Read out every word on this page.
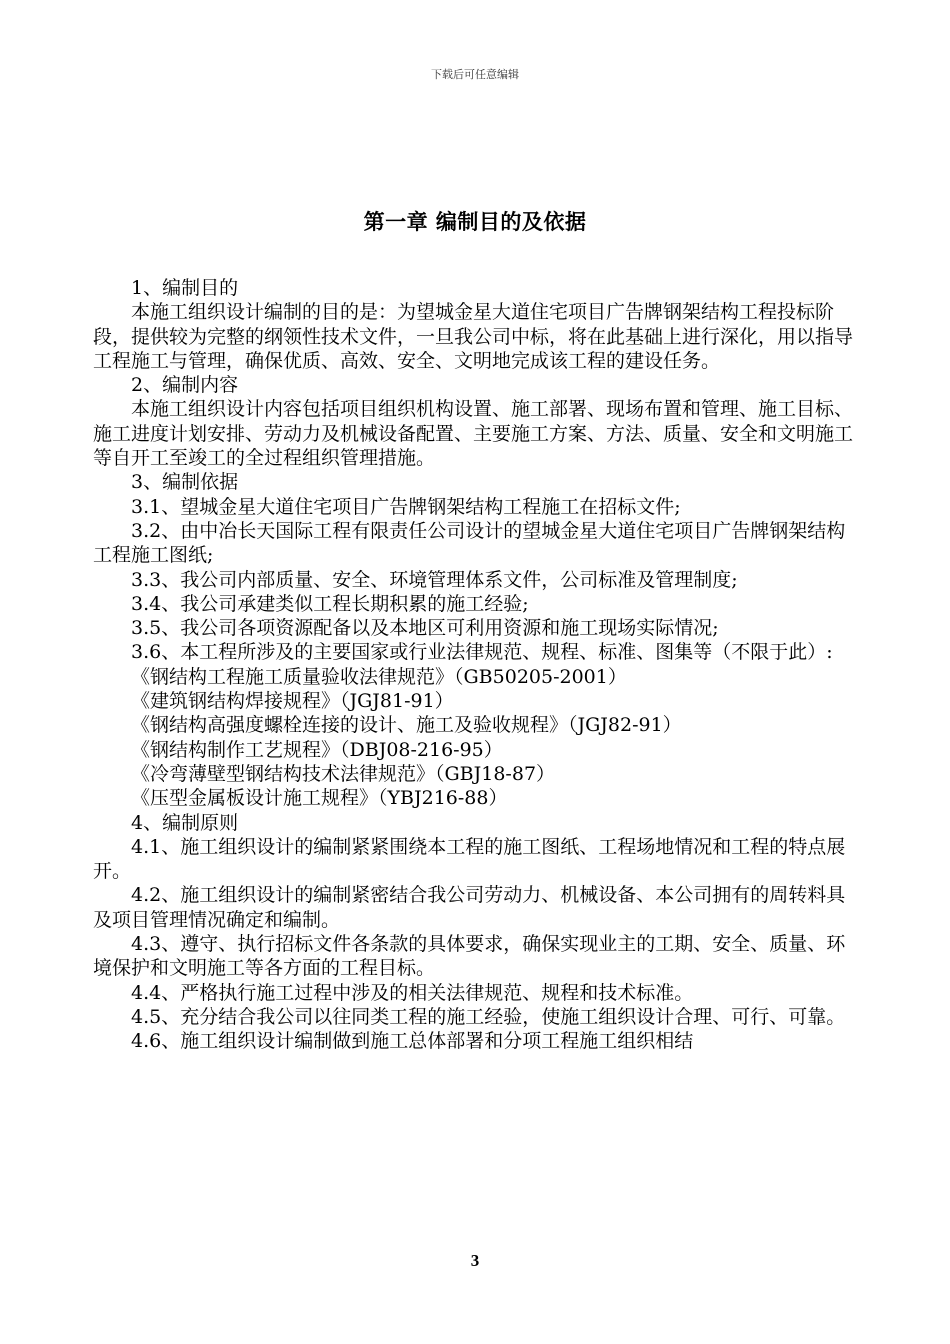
下载后可任意编辑
第一章 编制目的及依据

1、编制目的

本施工组织设计编制的目的是：为望城金星大道住宅项目广告牌钢架结构工程投标阶段，提供较为完整的纲领性技术文件，一旦我公司中标，将在此基础上进行深化，用以指导工程施工与管理，确保优质、高效、安全、文明地完成该工程的建设任务。

2、编制内容

本施工组织设计内容包括项目组织机构设置、施工部署、现场布置和管理、施工目标、施工进度计划安排、劳动力及机械设备配置、主要施工方案、方法、质量、安全和文明施工等自开工至竣工的全过程组织管理措施。

3、编制依据

3.1、望城金星大道住宅项目广告牌钢架结构工程施工在招标文件;

3.2、由中冶长天国际工程有限责任公司设计的望城金星大道住宅项目广告牌钢架结构工程施工图纸;

3.3、我公司内部质量、安全、环境管理体系文件，公司标准及管理制度;

3.4、我公司承建类似工程长期积累的施工经验;

3.5、我公司各项资源配备以及本地区可利用资源和施工现场实际情况;

3.6、本工程所涉及的主要国家或行业法律规范、规程、标准、图集等（不限于此）:

《钢结构工程施工质量验收法律规范》（GB50205-2001）

《建筑钢结构焊接规程》（JGJ81-91）

《钢结构高强度螺栓连接的设计、施工及验收规程》（JGJ82-91）

《钢结构制作工艺规程》（DBJ08-216-95）

《冷弯薄壁型钢结构技术法律规范》（GBJ18-87）

《压型金属板设计施工规程》（YBJ216-88）

4、编制原则

4.1、施工组织设计的编制紧紧围绕本工程的施工图纸、工程场地情况和工程的特点展开。

4.2、施工组织设计的编制紧密结合我公司劳动力、机械设备、本公司拥有的周转料具及项目管理情况确定和编制。

4.3、遵守、执行招标文件各条款的具体要求，确保实现业主的工期、安全、质量、环境保护和文明施工等各方面的工程目标。

4.4、严格执行施工过程中涉及的相关法律规范、规程和技术标准。

4.5、充分结合我公司以往同类工程的施工经验，使施工组织设计合理、可行、可靠。

4.6、施工组织设计编制做到施工总体部署和分项工程施工组织相结

3
